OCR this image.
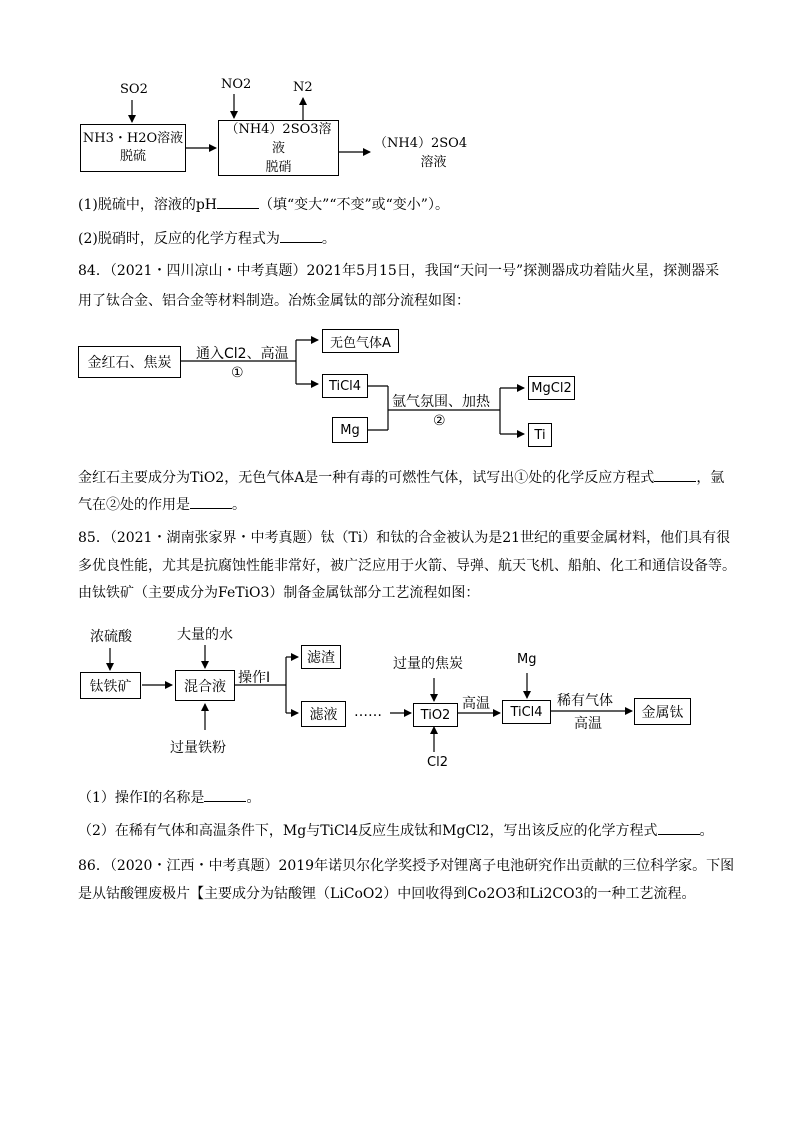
SO2	NO2	N2
NH3・H2O溶液
脱硫
（NH4）2SO3溶液
脱硝
（NH4）2SO4
溶液
(1)脱硫中，溶液的pH	（填“变大”“不变”或“变小”）。
(2)脱硝时，反应的化学方程式为	。
84．（2021・四川凉山・中考真题）2021年5月15日，我国“天问一号”探测器成功着陆火星，探测器采
用了钛合金、铝合金等材料制造。冶炼金属钛的部分流程如图：
金红石、焦炭
通入Cl2、高温
①
无色气体A
TiCl4
Mg
氩气氛围、加热
②
MgCl2
Ti
金红石主要成分为TiO2，无色气体A是一种有毒的可燃性气体，试写出①处的化学反应方程式	，氩
气在②处的作用是	。
85．（2021・湖南张家界・中考真题）钛（Ti）和钛的合金被认为是21世纪的重要金属材料，他们具有很
多优良性能，尤其是抗腐蚀性能非常好，被广泛应用于火箭、导弹、航天飞机、船舶、化工和通信设备等。
由钛铁矿（主要成分为FeTiO3）制备金属钛部分工艺流程如图：
浓硫酸	大量的水
钛铁矿	混合液
操作Ⅰ
滤渣
滤液
过量铁粉
……
过量的焦炭
TiO2
Cl2
高温
Mg
TiCl4
稀有气体
高温
金属钛
（1）操作Ⅰ的名称是	。
（2）在稀有气体和高温条件下，Mg与TiCl4反应生成钛和MgCl2，写出该反应的化学方程式	。
86．（2020・江西・中考真题）2019年诺贝尔化学奖授予对锂离子电池研究作出贡献的三位科学家。下图
是从钴酸锂废极片【主要成分为钴酸锂（LiCoO2）中回收得到Co2O3和Li2CO3的一种工艺流程。
